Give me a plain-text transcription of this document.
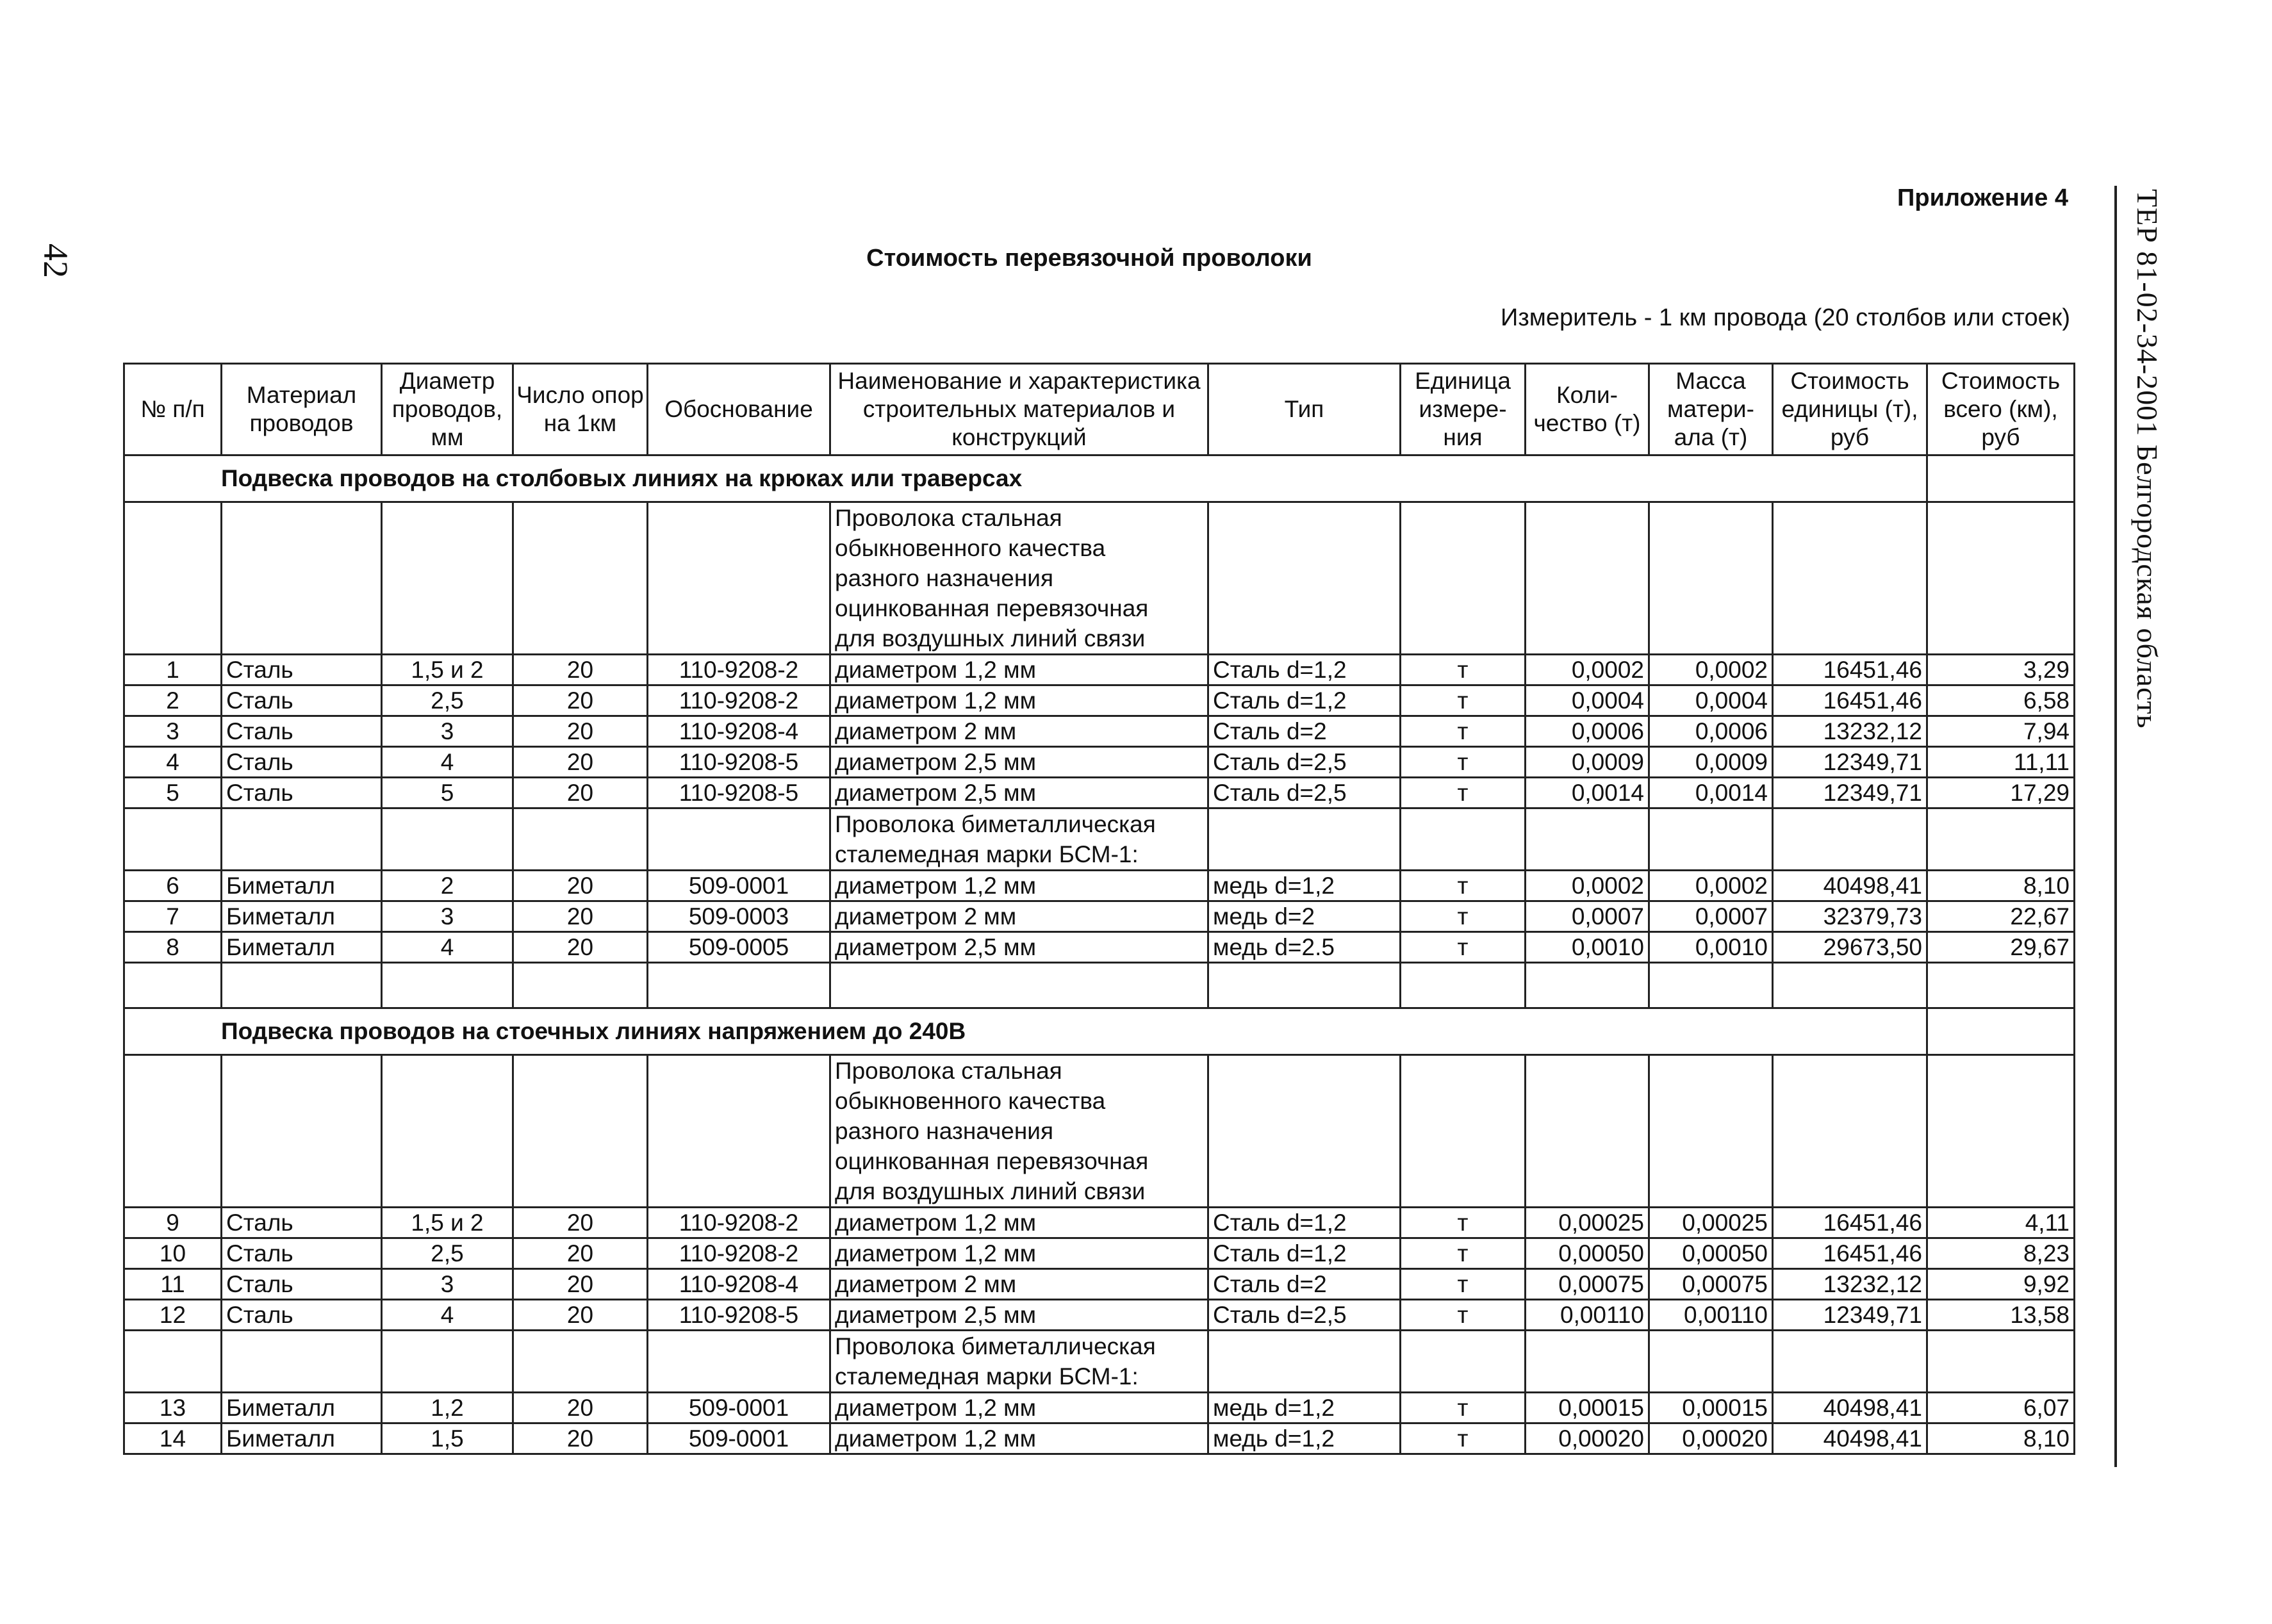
42	ТЕР 81-02-34-2001 Белгородская область
Приложение 4
Стоимость перевязочной проволоки
Измеритель - 1 км провода (20 столбов или стоек)
№ п/п	Материал проводов	Диаметр проводов, мм	Число опор на 1км	Обоснование	Наименование и характеристика строительных материалов и конструкций	Тип	Единица измере-ния	Коли-чество (т)	Масса матери-ала (т)	Стоимость единицы (т), руб	Стоимость всего (км), руб
Подвеска проводов на столбовых линиях на крюках или траверсах											

					Проволока стальная
обыкновенного качества
разного назначения
оцинкованная перевязочная
для воздушных линий связи						

1	Сталь	1,5 и 2	20	110-9208-2	диаметром 1,2 мм	Сталь d=1,2	т	0,0002	0,0002	16451,46	3,29
2	Сталь	2,5	20	110-9208-2	диаметром 1,2 мм	Сталь d=1,2	т	0,0004	0,0004	16451,46	6,58
3	Сталь	3	20	110-9208-4	диаметром 2 мм	Сталь d=2	т	0,0006	0,0006	13232,12	7,94
4	Сталь	4	20	110-9208-5	диаметром 2,5 мм	Сталь d=2,5	т	0,0009	0,0009	12349,71	11,11
5	Сталь	5	20	110-9208-5	диаметром 2,5 мм	Сталь d=2,5	т	0,0014	0,0014	12349,71	17,29

					Проволока биметаллическая
сталемедная марки БСМ-1:						

6	Биметалл	2	20	509-0001	диаметром 1,2 мм	медь d=1,2	т	0,0002	0,0002	40498,41	8,10
7	Биметалл	3	20	509-0003	диаметром 2 мм	медь d=2	т	0,0007	0,0007	32379,73	22,67
8	Биметалл	4	20	509-0005	диаметром 2,5 мм	медь d=2.5	т	0,0010	0,0010	29673,50	29,67

Подвеска проводов на стоечных линиях напряжением до 240В											

					Проволока стальная
обыкновенного качества
разного назначения
оцинкованная перевязочная
для воздушных линий связи						

9	Сталь	1,5 и 2	20	110-9208-2	диаметром 1,2 мм	Сталь d=1,2	т	0,00025	0,00025	16451,46	4,11
10	Сталь	2,5	20	110-9208-2	диаметром 1,2 мм	Сталь d=1,2	т	0,00050	0,00050	16451,46	8,23
11	Сталь	3	20	110-9208-4	диаметром 2 мм	Сталь d=2	т	0,00075	0,00075	13232,12	9,92
12	Сталь	4	20	110-9208-5	диаметром 2,5 мм	Сталь d=2,5	т	0,00110	0,00110	12349,71	13,58

					Проволока биметаллическая
сталемедная марки БСМ-1:						

13	Биметалл	1,2	20	509-0001	диаметром 1,2 мм	медь d=1,2	т	0,00015	0,00015	40498,41	6,07
14	Биметалл	1,5	20	509-0001	диаметром 1,2 мм	медь d=1,2	т	0,00020	0,00020	40498,41	8,10
